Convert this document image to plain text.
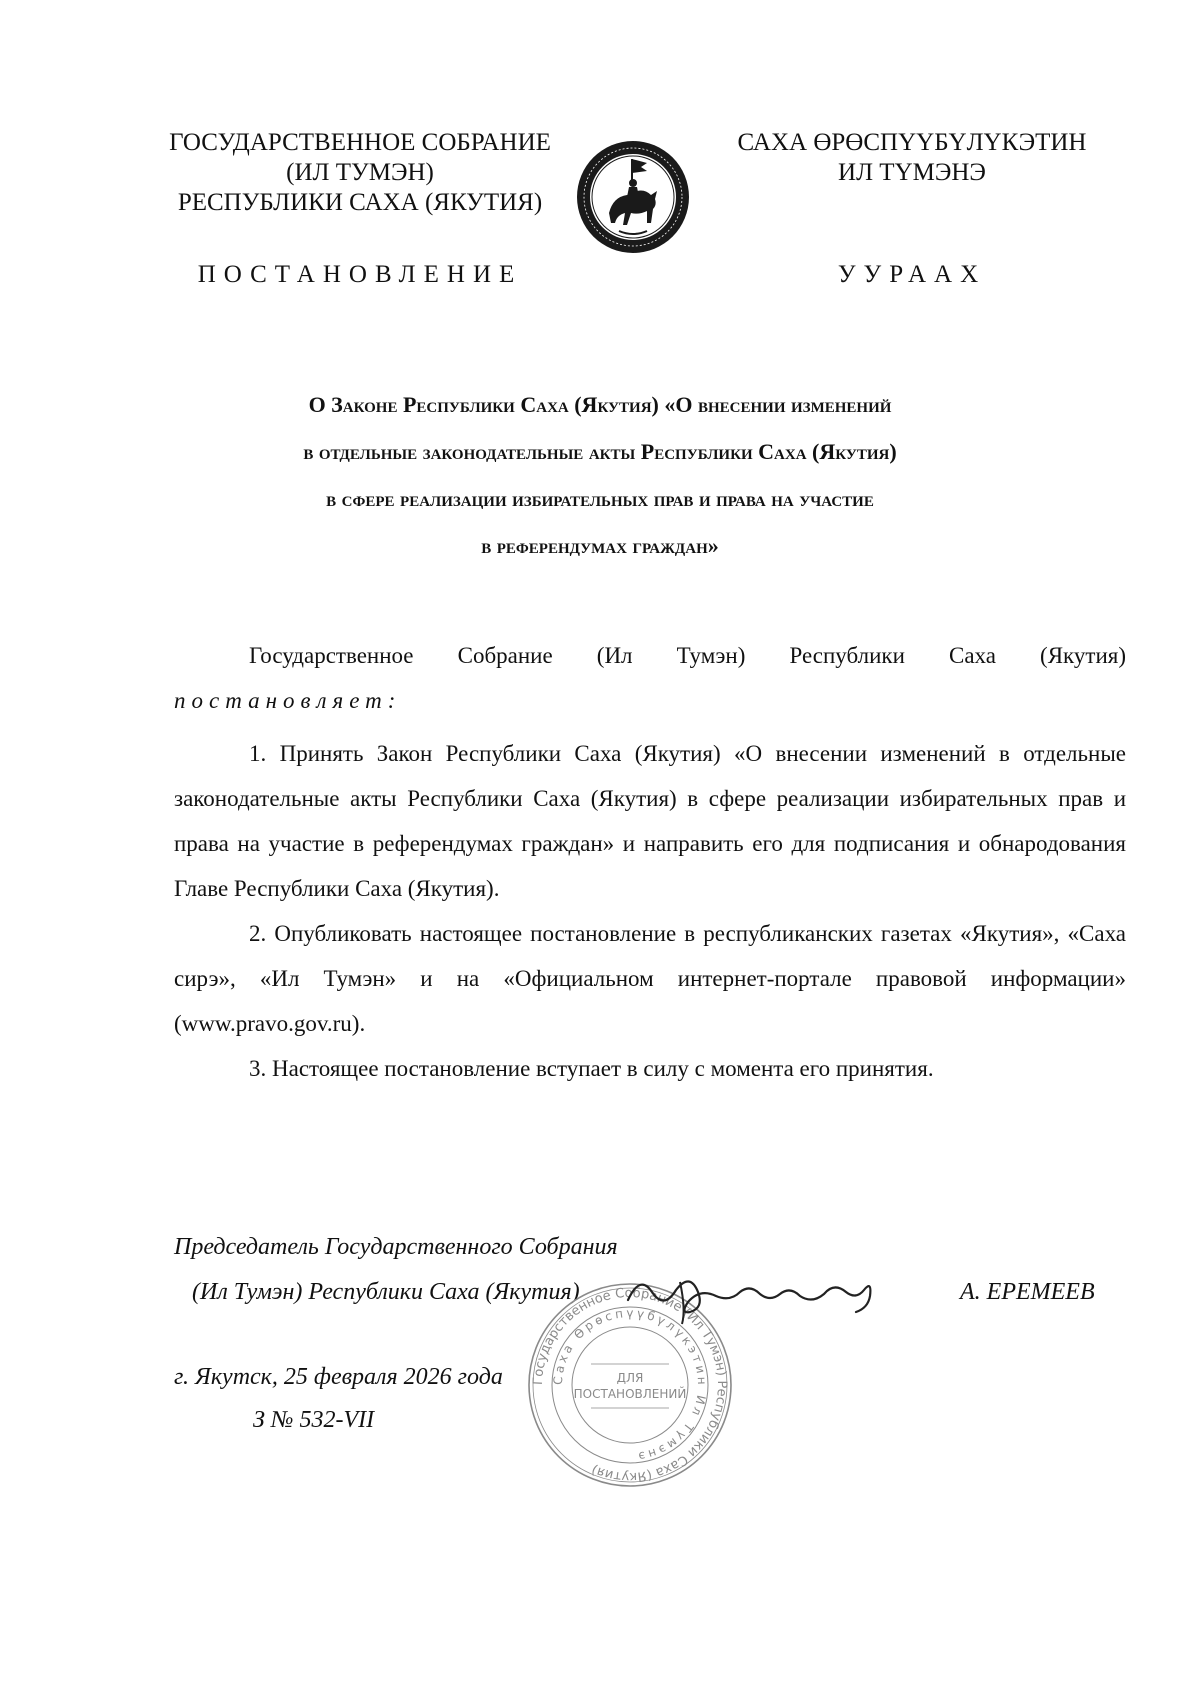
ГОСУДАРСТВЕННОЕ СОБРАНИЕ
(ИЛ ТУМЭН)
РЕСПУБЛИКИ САХА (ЯКУТИЯ)
САХА ӨРӨСПҮҮБҮЛҮКЭТИН
ИЛ ТҮМЭНЭ
ПОСТАНОВЛЕНИЕ	УУРААХ
О Законе Республики Саха (Якутия) «О внесении изменений
в отдельные законодательные акты Республики Саха (Якутия)
в сфере реализации избирательных прав и права на участие
в референдумах граждан»
Государственное Собрание (Ил Тумэн) Республики Саха (Якутия)
постановляет:

1. Принять Закон Республики Саха (Якутия) «О внесении изменений в отдельные законодательные акты Республики Саха (Якутия) в сфере реализации избирательных прав и права на участие в референдумах граждан» и направить его для подписания и обнародования Главе Республики Саха (Якутия).

2. Опубликовать настоящее постановление в республиканских газетах «Якутия», «Саха сирэ», «Ил Тумэн» и на «Официальном интернет-портале правовой информации» (www.pravo.gov.ru).

3. Настоящее постановление вступает в силу с момента его принятия.

Председатель Государственного Собрания
(Ил Тумэн) Республики Саха (Якутия)
Государственное Собрание (Ил Тумэн) Республики Саха (Якутия)
Саха Өрөспүүбүлүкэтин Ил Түмэнэ
ДЛЯ
ПОСТАНОВЛЕНИЙ
А. ЕРЕМЕЕВ
г. Якутск, 25 февраля 2026 года
З № 532-VII
